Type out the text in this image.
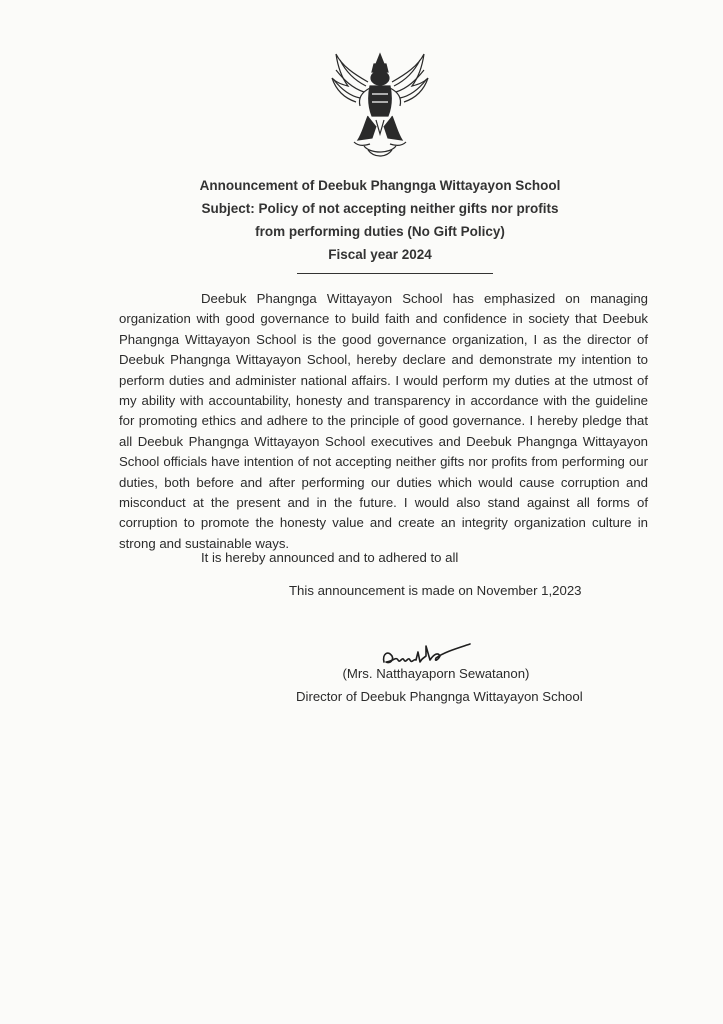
Announcement of Deebuk Phangnga Wittayayon School
Subject: Policy of not accepting neither gifts nor profits
from performing duties (No Gift Policy)
Fiscal year 2024

Deebuk Phangnga Wittayayon School has emphasized on managing organization with good governance to build faith and confidence in society that Deebuk Phangnga Wittayayon School is the good governance organization, I as the director of Deebuk Phangnga Wittayayon School, hereby declare and demonstrate my intention to perform duties and administer national affairs. I would perform my duties at the utmost of my ability with accountability, honesty and transparency in accordance with the guideline for promoting ethics and adhere to the principle of good governance. I hereby pledge that all Deebuk Phangnga Wittayayon School executives and Deebuk Phangnga Wittayayon School officials have intention of not accepting neither gifts nor profits from performing our duties, both before and after performing our duties which would cause corruption and misconduct at the present and in the future. I would also stand against all forms of corruption to promote the honesty value and create an integrity organization culture in strong and sustainable ways.

It is hereby announced and to adhered to all
This announcement is made on November 1,2023
(Mrs. Natthayaporn Sewatanon)
Director of Deebuk Phangnga Wittayayon School
